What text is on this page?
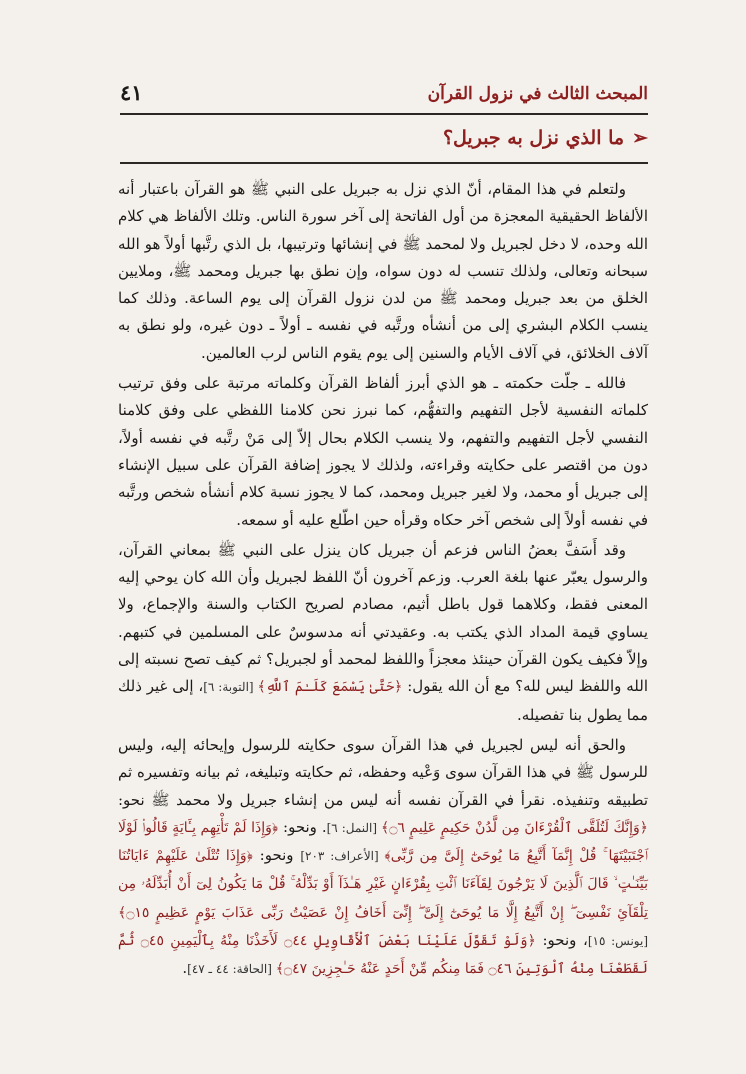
المبحث الثالث في نزول القرآن
٤١
➢ما الذي نزل به جبريل؟

ولتعلم في هذا المقام، أنّ الذي نزل به جبريل على النبي ﷺ هو القرآن باعتبار أنه الألفاظ الحقيقية المعجزة من أول الفاتحة إلى آخر سورة الناس. وتلك الألفاظ هي كلام الله وحده، لا دخل لجبريل ولا لمحمد ﷺ في إنشائها وترتيبها، بل الذي رتَّبها أولاً هو الله سبحانه وتعالى، ولذلك تنسب له دون سواه، وإن نطق بها جبريل ومحمد ﷺ، وملايين الخلق من بعد جبريل ومحمد ﷺ من لدن نزول القرآن إلى يوم الساعة. وذلك كما ينسب الكلام البشري إلى من أنشأه ورتَّبه في نفسه ـ أولاً ـ دون غيره، ولو نطق به آلاف الخلائق، في آلاف الأيام والسنين إلى يوم يقوم الناس لرب العالمين.

فالله ـ جلّت حكمته ـ هو الذي أبرز ألفاظ القرآن وكلماته مرتبة على وفق ترتيب كلماته النفسية لأجل التفهيم والتفهُّم، كما نبرز نحن كلامنا اللفظي على وفق كلامنا النفسي لأجل التفهيم والتفهم، ولا ينسب الكلام بحال إلاّ إلى مَنْ رتَّبه في نفسه أولاً، دون من اقتصر على حكايته وقراءته، ولذلك لا يجوز إضافة القرآن على سبيل الإنشاء إلى جبريل أو محمد، ولا لغير جبريل ومحمد، كما لا يجوز نسبة كلام أنشأه شخص ورتَّبه في نفسه أولاً إلى شخص آخر حكاه وقرأه حين اطّلع عليه أو سمعه.

وقد أَسَفَّ بعضُ الناس فزعم أن جبريل كان ينزل على النبي ﷺ بمعاني القرآن، والرسول يعبّر عنها بلغة العرب. وزعم آخرون أنّ اللفظ لجبريل وأن الله كان يوحي إليه المعنى فقط، وكلاهما قول باطل أثيم، مصادم لصريح الكتاب والسنة والإجماع، ولا يساوي قيمة المداد الذي يكتب به. وعقيدتي أنه مدسوسٌ على المسلمين في كتبهم. وإلاّ فكيف يكون القرآن حينئذ معجزاً واللفظ لمحمد أو لجبريل؟ ثم كيف تصح نسبته إلى الله واللفظ ليس لله؟ مع أن الله يقول: ﴿حَتَّىٰ يَسْمَعَ كَلَـٰمَ ٱللَّهِ﴾ [التوبة: ٦]، إلى غير ذلك مما يطول بنا تفصيله.

والحق أنه ليس لجبريل في هذا القرآن سوى حكايته للرسول وإيحائه إليه، وليس للرسول ﷺ في هذا القرآن سوى وَعْيه وحفظه، ثم حكايته وتبليغه، ثم بيانه وتفسيره ثم تطبيقه وتنفيذه. نقرأ في القرآن نفسه أنه ليس من إنشاء جبريل ولا محمد ﷺ نحو: ﴿وَإِنَّكَ لَتُلَقَّى ٱلْقُرْءَانَ مِن لَّدُنْ حَكِيمٍ عَلِيمٍ ۝٦﴾ [النمل: ٦]. ونحو: ﴿وَإِذَا لَمْ تَأْتِهِم بِـَٔايَةٍ قَالُوا۟ لَوْلَا ٱجْتَبَيْتَهَا ۚ قُلْ إِنَّمَآ أَتَّبِعُ مَا يُوحَىٰٓ إِلَىَّ مِن رَّبِّى﴾ [الأعراف: ٢٠٣] ونحو: ﴿وَإِذَا تُتْلَىٰ عَلَيْهِمْ ءَايَاتُنَا بَيِّنَـٰتٍ ۙ قَالَ ٱلَّذِينَ لَا يَرْجُونَ لِقَآءَنَا ٱئْتِ بِقُرْءَانٍ غَيْرِ هَـٰذَآ أَوْ بَدِّلْهُ ۚ قُلْ مَا يَكُونُ لِىٓ أَنْ أُبَدِّلَهُۥ مِن تِلْقَآئِ نَفْسِىٓ ۖ إِنْ أَتَّبِعُ إِلَّا مَا يُوحَىٰٓ إِلَىَّ ۖ إِنِّىٓ أَخَافُ إِنْ عَصَيْتُ رَبِّى عَذَابَ يَوْمٍ عَظِيمٍ ۝١٥﴾ [يونس: ١٥]، ونحو: ﴿وَلَوْ تَقَوَّلَ عَلَيْنَا بَعْضَ ٱلْأَقَاوِيلِ ۝٤٤ لَأَخَذْنَا مِنْهُ بِٱلْيَمِينِ ۝٤٥ ثُمَّ لَقَطَعْنَا مِنْهُ ٱلْوَتِينَ ۝٤٦ فَمَا مِنكُم مِّنْ أَحَدٍ عَنْهُ حَـٰجِزِينَ ۝٤٧﴾ [الحاقة: ٤٤ ـ ٤٧].
